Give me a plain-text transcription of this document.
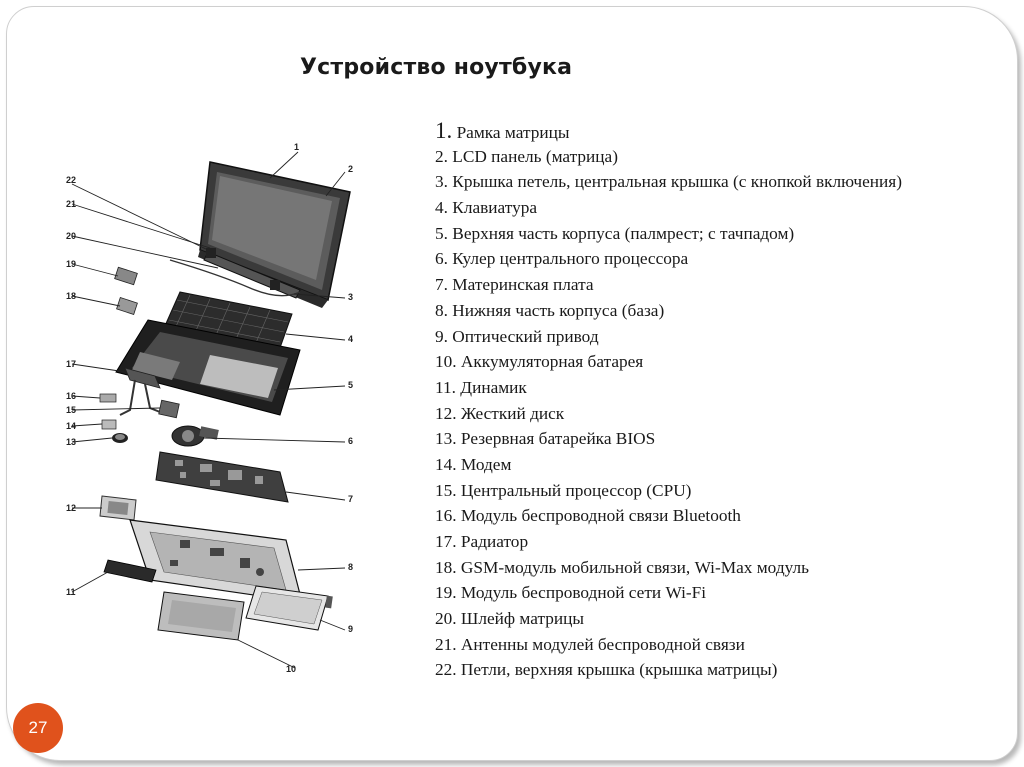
Устройство ноутбука
1
2
3
4
5
6
7
8
9
10
11
12
13
14
15
16
17
18
19
20
21
22
1. Рамка матрицы
2. LCD панель (матрица)
3. Крышка петель, центральная крышка (с кнопкой включения)
4. Клавиатура
5. Верхняя часть корпуса (палмрест; с тачпадом)
6. Кулер центрального процессора
7. Материнская плата
8. Нижняя часть корпуса (база)
9. Оптический привод
10. Аккумуляторная батарея
11. Динамик
12. Жесткий диск
13. Резервная батарейка BIOS
14. Модем
15. Центральный процессор (CPU)
16. Модуль беспроводной связи Bluetooth
17. Радиатор
18. GSM-модуль мобильной связи, Wi-Max модуль
19. Модуль беспроводной сети Wi-Fi
20. Шлейф матрицы
21. Антенны модулей беспроводной связи
22. Петли, верхняя крышка (крышка матрицы)
27
